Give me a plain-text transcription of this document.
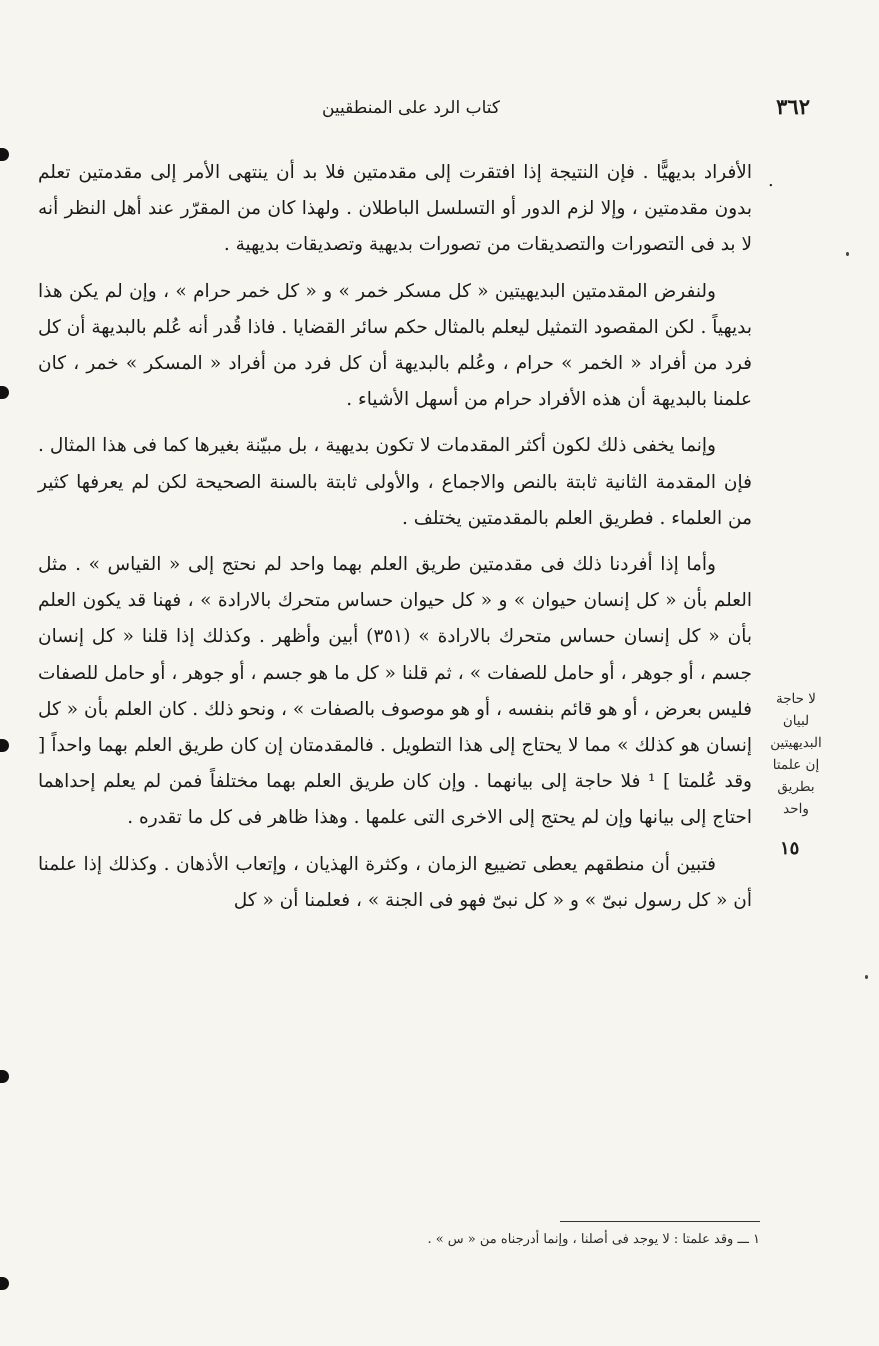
٣٦٢
كتاب الرد على المنطقيين
.

الأفراد بديهيًّا . فإن النتيجة إذا افتقرت إلى مقدمتين فلا بد أن ينتهى الأمر إلى مقدمتين تعلم بدون مقدمتين ، وإلا لزم الدور أو التسلسل الباطلان . ولهذا كان من المقرّر عند أهل النظر أنه لا بد فى التصورات والتصديقات من تصورات بديهية وتصديقات بديهية .

ولنفرض المقدمتين البديهيتين « كل مسكر خمر » و « كل خمر حرام » ، وإن لم يكن هذا بديهياً . لكن المقصود التمثيل ليعلم بالمثال حكم سائر القضايا . فاذا قُدر أنه عُلم بالبديهة أن كل فرد من أفراد « الخمر » حرام ، وعُلم بالبديهة أن كل فرد من أفراد « المسكر » خمر ، كان علمنا بالبديهة أن هذه الأفراد حرام من أسهل الأشياء .

وإنما يخفى ذلك لكون أكثر المقدمات لا تكون بديهية ، بل مبيّنة بغيرها كما فى هذا المثال . فإن المقدمة الثانية ثابتة بالنص والاجماع ، والأولى ثابتة بالسنة الصحيحة لكن لم يعرفها كثير من العلماء . فطريق العلم بالمقدمتين يختلف .

وأما إذا أفردنا ذلك فى مقدمتين طريق العلم بهما واحد لم نحتج إلى « القياس » . مثل العلم بأن « كل إنسان حيوان » و « كل حيوان حساس متحرك بالارادة » ، فهنا قد يكون العلم بأن « كل إنسان حساس متحرك بالارادة » (٣٥١) أبين وأظهر . وكذلك إذا قلنا « كل إنسان جسم ، أو جوهر ، أو حامل للصفات » ، ثم قلنا « كل ما هو جسم ، أو جوهر ، أو حامل للصفات فليس بعرض ، أو هو قائم بنفسه ، أو هو موصوف بالصفات » ، ونحو ذلك . كان العلم بأن « كل إنسان هو كذلك » مما لا يحتاج إلى هذا التطويل . فالمقدمتان إن كان طريق العلم بهما واحداً [ وقد عُلمتا ] ¹ فلا حاجة إلى بيانهما . وإن كان طريق العلم بهما مختلفاً فمن لم يعلم إحداهما احتاج إلى بيانها وإن لم يحتج إلى الاخرى التى علمها . وهذا ظاهر فى كل ما تقدره .

فتبين أن منطقهم يعطى تضييع الزمان ، وكثرة الهذيان ، وإتعاب الأذهان . وكذلك إذا علمنا أن « كل رسول نبىّ » و « كل نبىّ فهو فى الجنة » ، فعلمنا أن « كل

لا حاجة لبيان البديهيتين إن علمتا بطريق واحد
١٥
١ ـــ وقد علمتا : لا يوجد فى أصلنا ، وإنما أدرجناه من « س » .
